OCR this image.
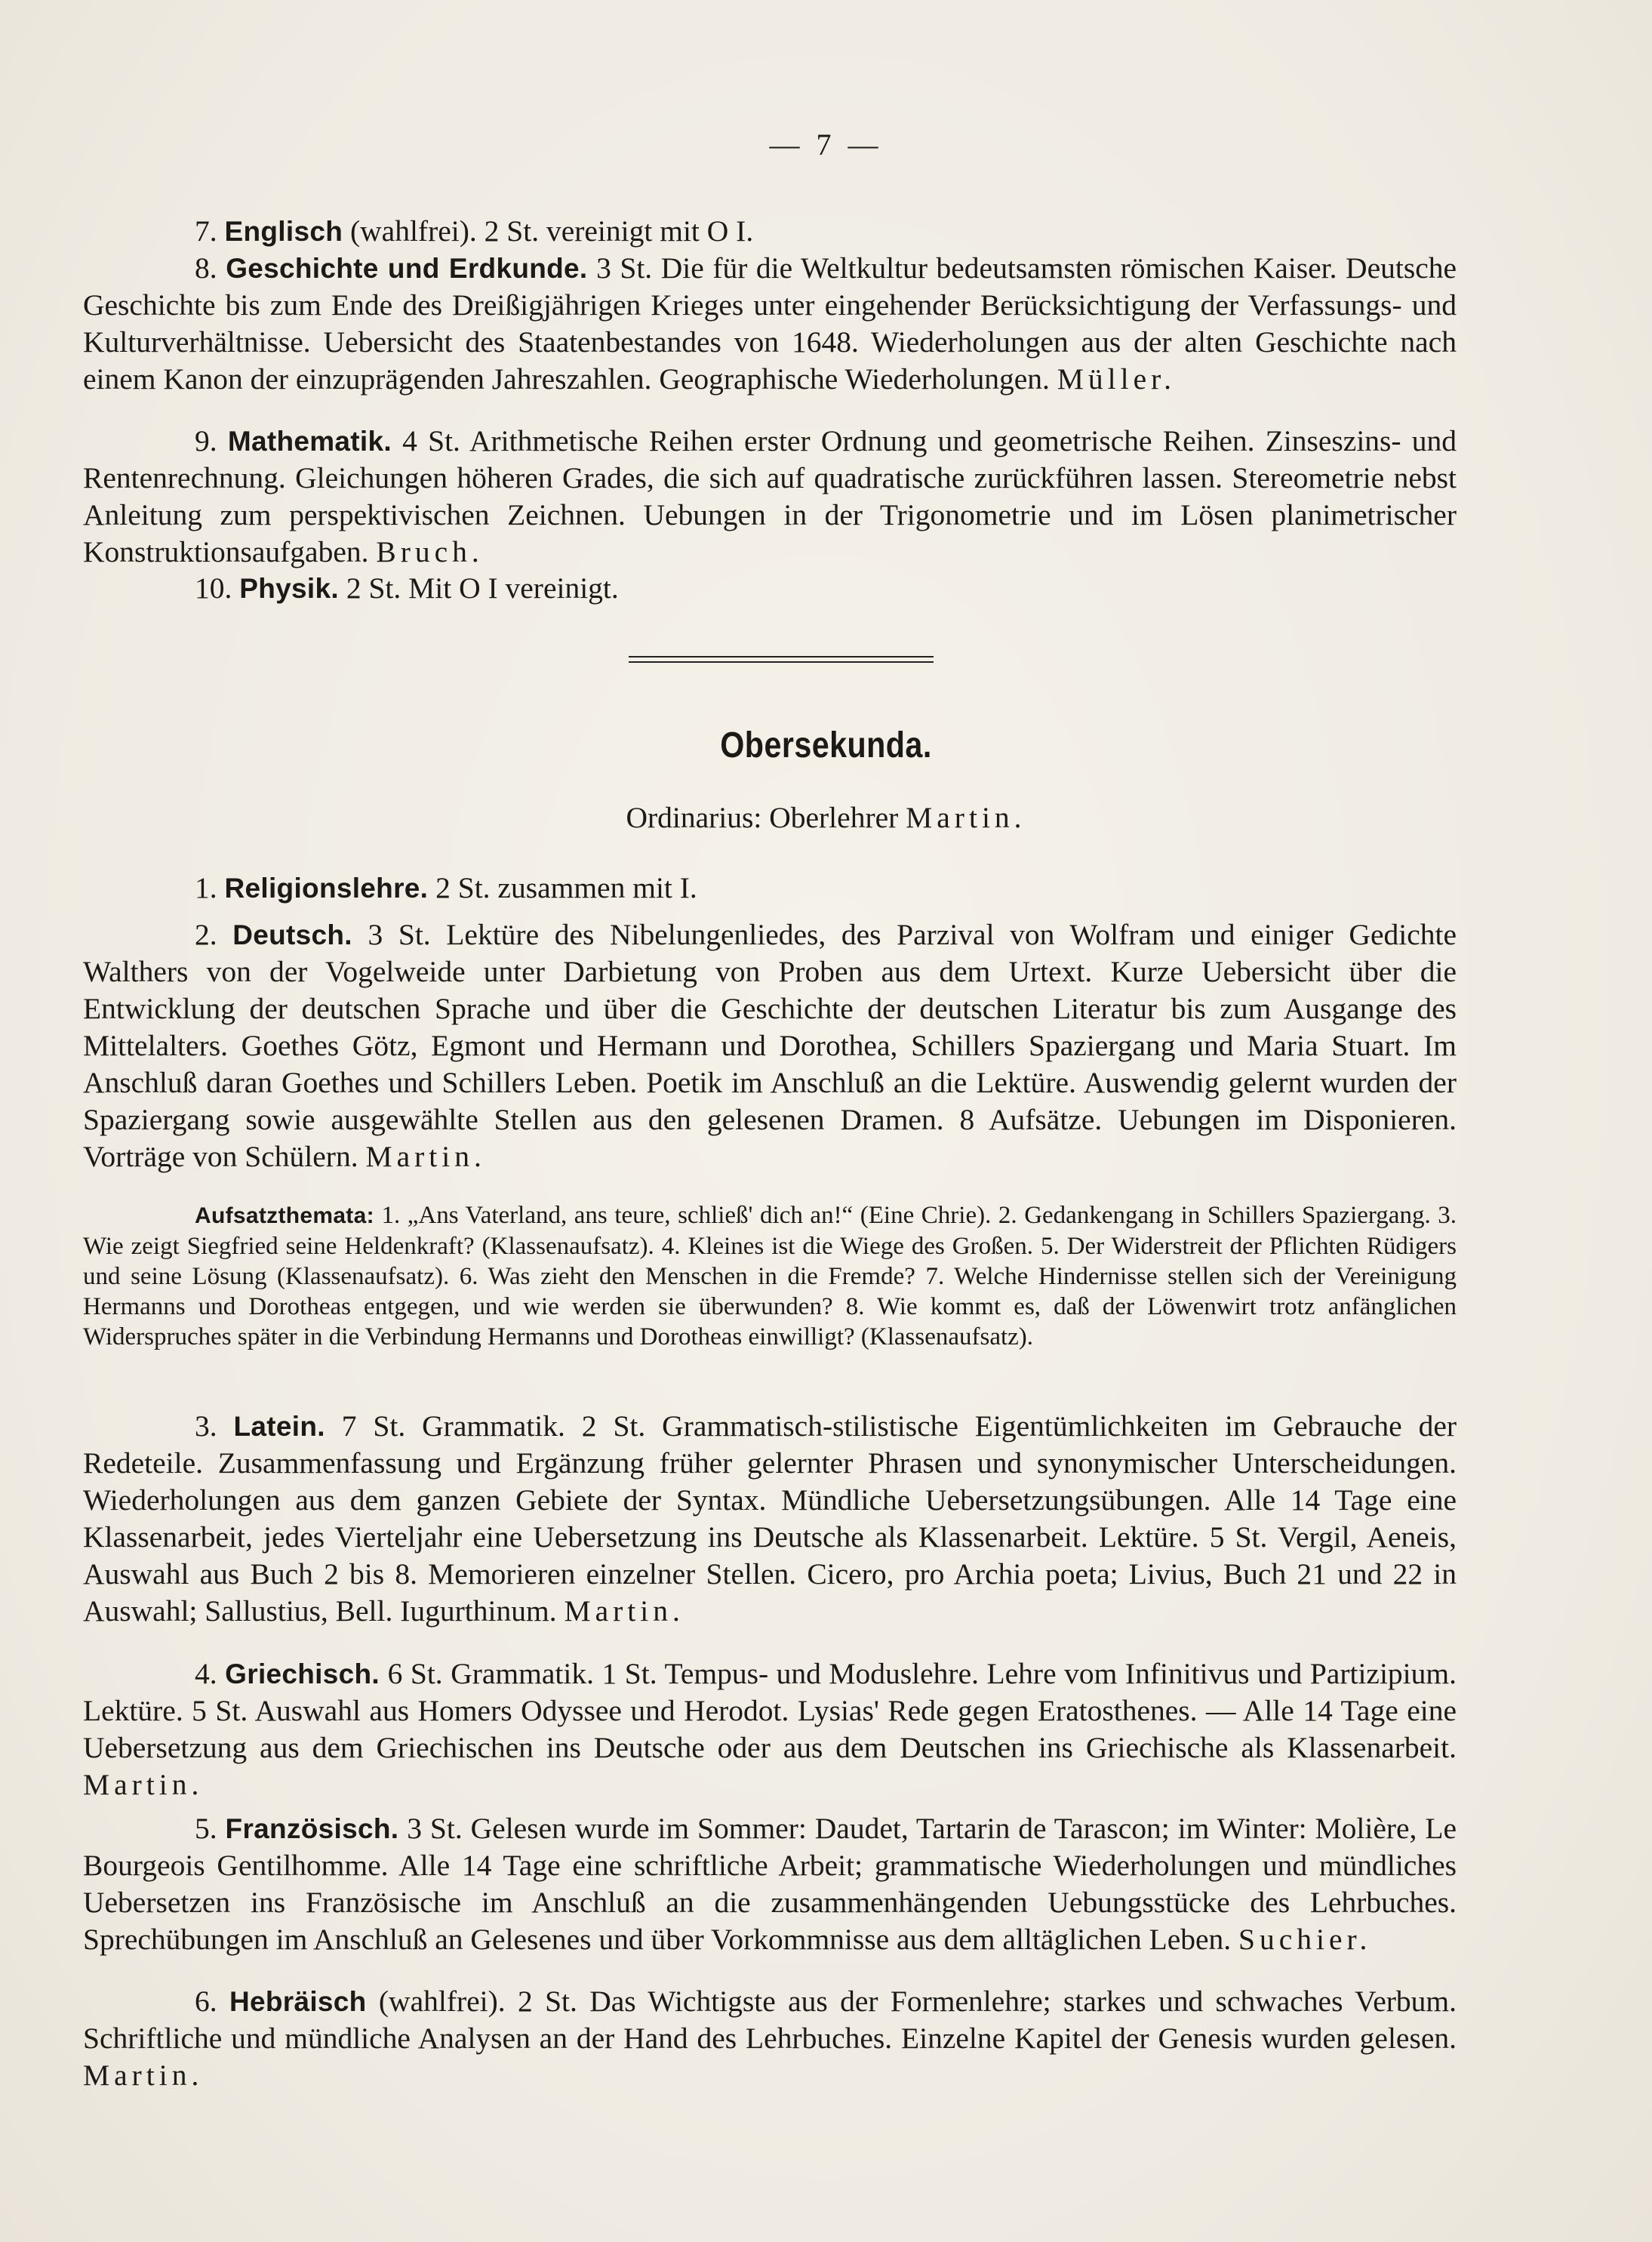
— 7 —
7. Englisch (wahlfrei). 2 St. vereinigt mit O I.
8. Geschichte und Erdkunde. 3 St. Die für die Weltkultur bedeutsamsten römischen Kaiser. Deutsche Geschichte bis zum Ende des Dreißigjährigen Krieges unter eingehender Berücksichtigung der Verfassungs- und Kulturverhältnisse. Uebersicht des Staatenbestandes von 1648. Wiederholungen aus der alten Geschichte nach einem Kanon der einzuprägenden Jahreszahlen. Geographische Wiederholungen. Müller.
9. Mathematik. 4 St. Arithmetische Reihen erster Ordnung und geometrische Reihen. Zinseszins- und Rentenrechnung. Gleichungen höheren Grades, die sich auf quadratische zurückführen lassen. Stereometrie nebst Anleitung zum perspektivischen Zeichnen. Uebungen in der Trigonometrie und im Lösen planimetrischer Konstruktionsaufgaben. Bruch.
10. Physik. 2 St. Mit O I vereinigt.
Obersekunda.
Ordinarius: Oberlehrer Martin.
1. Religionslehre. 2 St. zusammen mit I.
2. Deutsch. 3 St. Lektüre des Nibelungenliedes, des Parzival von Wolfram und einiger Gedichte Walthers von der Vogelweide unter Darbietung von Proben aus dem Urtext. Kurze Uebersicht über die Entwicklung der deutschen Sprache und über die Geschichte der deutschen Literatur bis zum Ausgange des Mittelalters. Goethes Götz, Egmont und Hermann und Dorothea, Schillers Spaziergang und Maria Stuart. Im Anschluß daran Goethes und Schillers Leben. Poetik im Anschluß an die Lektüre. Auswendig gelernt wurden der Spaziergang sowie ausgewählte Stellen aus den gelesenen Dramen. 8 Aufsätze. Uebungen im Disponieren. Vorträge von Schülern. Martin.
Aufsatzthemata: 1. „Ans Vaterland, ans teure, schließ' dich an!“ (Eine Chrie). 2. Gedankengang in Schillers Spaziergang. 3. Wie zeigt Siegfried seine Heldenkraft? (Klassenaufsatz). 4. Kleines ist die Wiege des Großen. 5. Der Widerstreit der Pflichten Rüdigers und seine Lösung (Klassenaufsatz). 6. Was zieht den Menschen in die Fremde? 7. Welche Hindernisse stellen sich der Vereinigung Hermanns und Dorotheas entgegen, und wie werden sie überwunden? 8. Wie kommt es, daß der Löwenwirt trotz anfänglichen Widerspruches später in die Verbindung Hermanns und Dorotheas einwilligt? (Klassenaufsatz).
3. Latein. 7 St. Grammatik. 2 St. Grammatisch-stilistische Eigentümlichkeiten im Gebrauche der Redeteile. Zusammenfassung und Ergänzung früher gelernter Phrasen und synonymischer Unterscheidungen. Wiederholungen aus dem ganzen Gebiete der Syntax. Mündliche Uebersetzungsübungen. Alle 14 Tage eine Klassenarbeit, jedes Vierteljahr eine Uebersetzung ins Deutsche als Klassenarbeit. Lektüre. 5 St. Vergil, Aeneis, Auswahl aus Buch 2 bis 8. Memorieren einzelner Stellen. Cicero, pro Archia poeta; Livius, Buch 21 und 22 in Auswahl; Sallustius, Bell. Iugurthinum. Martin.
4. Griechisch. 6 St. Grammatik. 1 St. Tempus- und Moduslehre. Lehre vom Infinitivus und Partizipium. Lektüre. 5 St. Auswahl aus Homers Odyssee und Herodot. Lysias' Rede gegen Eratosthenes. — Alle 14 Tage eine Uebersetzung aus dem Griechischen ins Deutsche oder aus dem Deutschen ins Griechische als Klassenarbeit. Martin.
5. Französisch. 3 St. Gelesen wurde im Sommer: Daudet, Tartarin de Tarascon; im Winter: Molière, Le Bourgeois Gentilhomme. Alle 14 Tage eine schriftliche Arbeit; grammatische Wiederholungen und mündliches Uebersetzen ins Französische im Anschluß an die zusammenhängenden Uebungsstücke des Lehrbuches. Sprechübungen im Anschluß an Gelesenes und über Vorkommnisse aus dem alltäglichen Leben. Suchier.
6. Hebräisch (wahlfrei). 2 St. Das Wichtigste aus der Formenlehre; starkes und schwaches Verbum. Schriftliche und mündliche Analysen an der Hand des Lehrbuches. Einzelne Kapitel der Genesis wurden gelesen. Martin.
